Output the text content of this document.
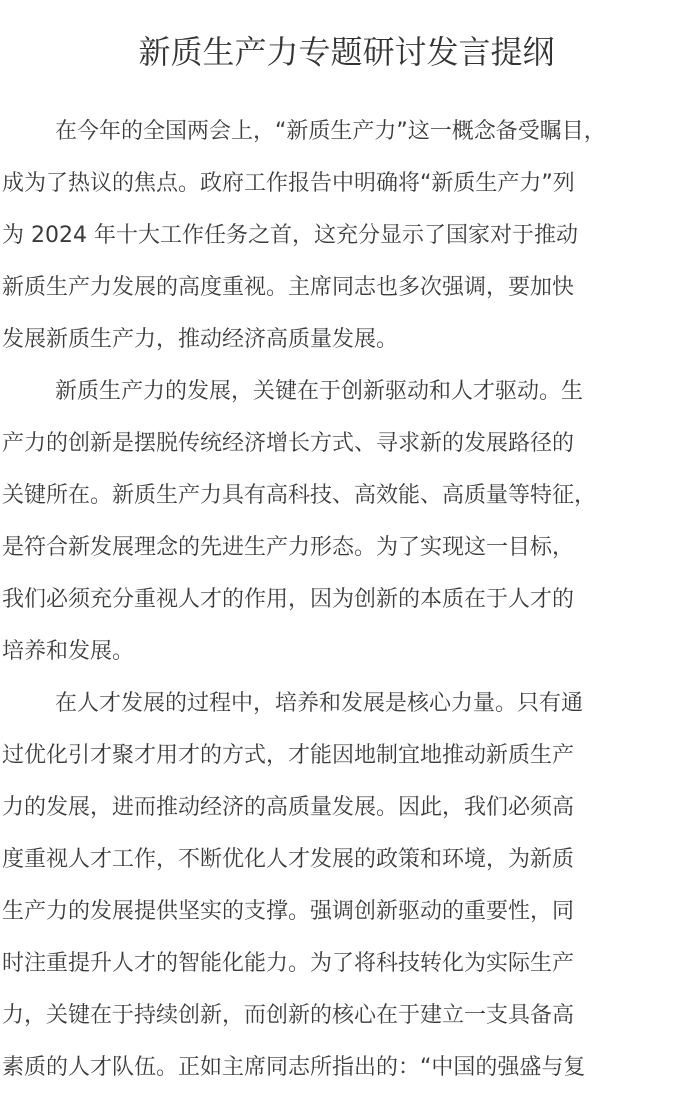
新质生产力专题研讨发言提纲

在今年的全国两会上，“新质生产力”这一概念备受瞩目，
成为了热议的焦点。政府工作报告中明确将“新质生产力”列
为 2024 年十大工作任务之首，这充分显示了国家对于推动
新质生产力发展的高度重视。主席同志也多次强调，要加快
发展新质生产力，推动经济高质量发展。

新质生产力的发展，关键在于创新驱动和人才驱动。生
产力的创新是摆脱传统经济增长方式、寻求新的发展路径的
关键所在。新质生产力具有高科技、高效能、高质量等特征，
是符合新发展理念的先进生产力形态。为了实现这一目标，
我们必须充分重视人才的作用，因为创新的本质在于人才的
培养和发展。

在人才发展的过程中，培养和发展是核心力量。只有通
过优化引才聚才用才的方式，才能因地制宜地推动新质生产
力的发展，进而推动经济的高质量发展。因此，我们必须高
度重视人才工作，不断优化人才发展的政策和环境，为新质
生产力的发展提供坚实的支撑。强调创新驱动的重要性，同
时注重提升人才的智能化能力。为了将科技转化为实际生产
力，关键在于持续创新，而创新的核心在于建立一支具备高
素质的人才队伍。正如主席同志所指出的：“中国的强盛与复
